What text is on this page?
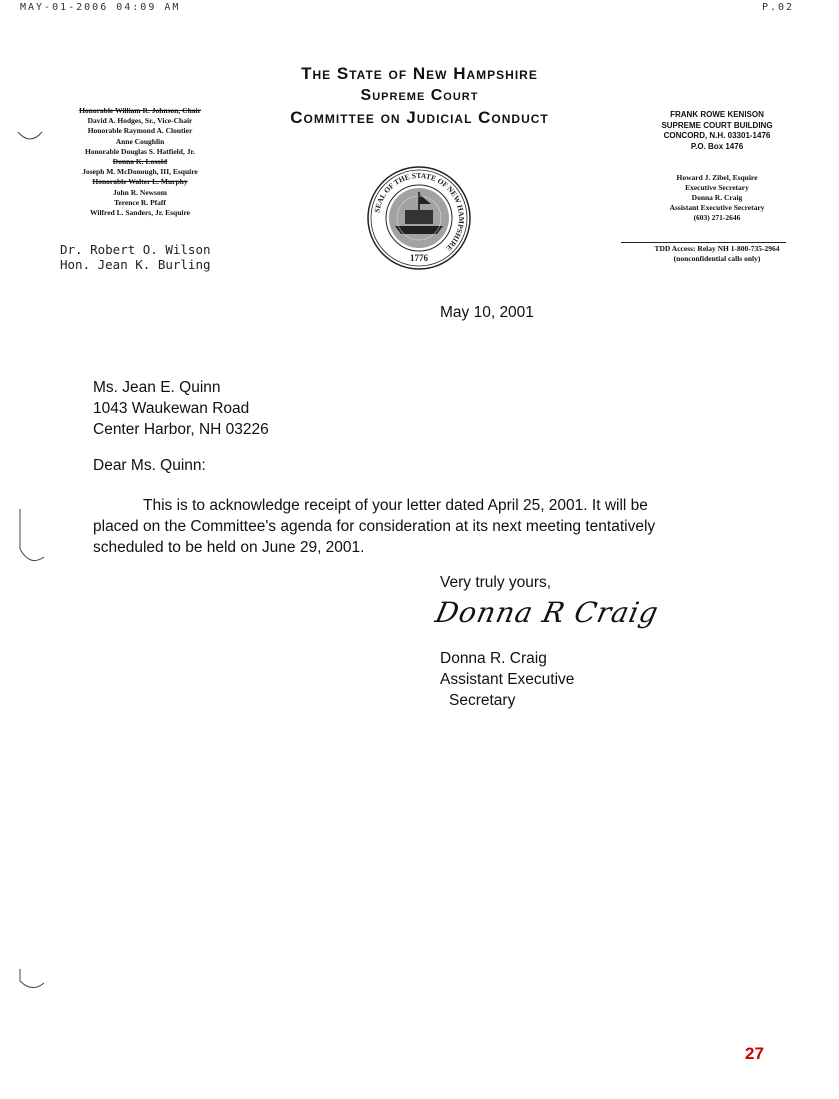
MAY-01-2006 04:09 AM	P.02
The State of New Hampshire
Supreme Court
Committee on Judicial Conduct
Honorable William R. Johnson, Chair
David A. Hodges, Sr., Vice-Chair
Honorable Raymond A. Cloutier
Anne Coughlin
Honorable Douglas S. Hatfield, Jr.
Donna K. Losold
Joseph M. McDonough, III, Esquire
Honorable Walter L. Murphy
John R. Newsom
Terence R. Pfaff
Wilfred L. Sanders, Jr. Esquire
Dr. Robert O. Wilson
Hon. Jean K. Burling
SEAL OF THE STATE OF NEW HAMPSHIRE
1776
FRANK ROWE KENISON
SUPREME COURT BUILDING
CONCORD, N.H. 03301-1476
P.O. Box 1476
Howard J. Zibel, Esquire
Executive Secretary
Donna R. Craig
Assistant Executive Secretary
(603) 271-2646
TDD Access: Relay NH 1-800-735-2964
(nonconfidential calls only)
May 10, 2001
Ms. Jean E. Quinn
1043 Waukewan Road
Center Harbor, NH 03226
Dear Ms. Quinn:
This is to acknowledge receipt of your letter dated April 25, 2001. It will be
placed on the Committee's agenda for consideration at its next meeting tentatively
scheduled to be held on June 29, 2001.
Very truly yours,
Donna R Craig
Donna R. Craig
Assistant Executive
Secretary
27
